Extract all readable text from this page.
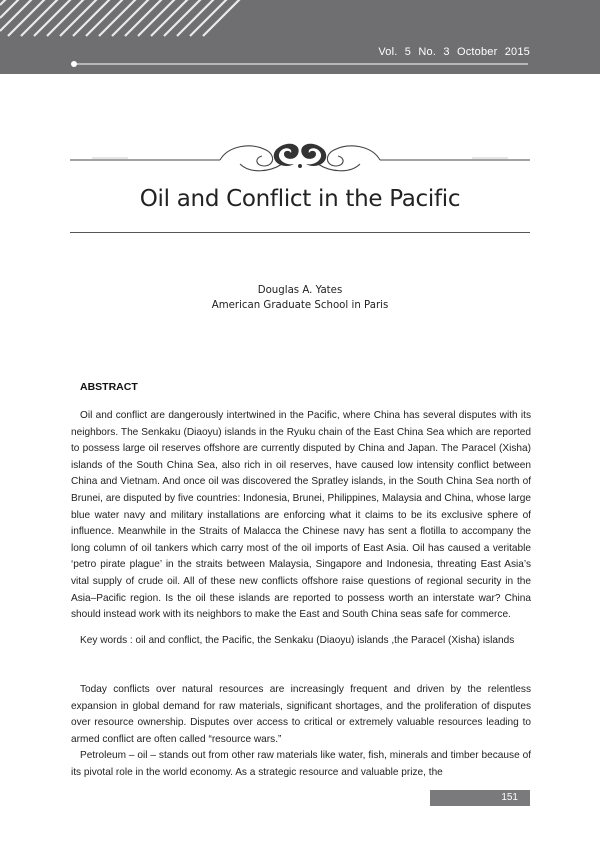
Vol. 5 No. 3 October 2015
Oil and Conflict in the Pacific
Douglas A. Yates
American Graduate School in Paris
ABSTRACT
Oil and conflict are dangerously intertwined in the Pacific, where China has several disputes with its neighbors. The Senkaku (Diaoyu) islands in the Ryuku chain of the East China Sea which are reported to possess large oil reserves offshore are currently disputed by China and Japan. The Paracel (Xisha) islands of the South China Sea, also rich in oil reserves, have caused low intensity conflict between China and Vietnam. And once oil was discovered the Spratley islands, in the South China Sea north of Brunei, are disputed by five countries: Indonesia, Brunei, Philippines, Malaysia and China, whose large blue water navy and military installations are enforcing what it claims to be its exclusive sphere of influence. Meanwhile in the Straits of Malacca the Chinese navy has sent a flotilla to accompany the long column of oil tankers which carry most of the oil imports of East Asia. Oil has caused a veritable ‘petro pirate plague’ in the straits between Malaysia, Singapore and Indonesia, threating East Asia’s vital supply of crude oil. All of these new conflicts offshore raise questions of regional security in the Asia–Pacific region. Is the oil these islands are reported to possess worth an interstate war? China should instead work with its neighbors to make the East and South China seas safe for commerce.
Key words : oil and conflict, the Pacific, the Senkaku (Diaoyu) islands ,the Paracel (Xisha) islands

Today conflicts over natural resources are increasingly frequent and driven by the relentless expansion in global demand for raw materials, significant shortages, and the proliferation of disputes over resource ownership. Disputes over access to critical or extremely valuable resources leading to armed conflict are often called “resource wars.”

Petroleum – oil – stands out from other raw materials like water, fish, minerals and timber because of its pivotal role in the world economy. As a strategic resource and valuable prize, the

151
